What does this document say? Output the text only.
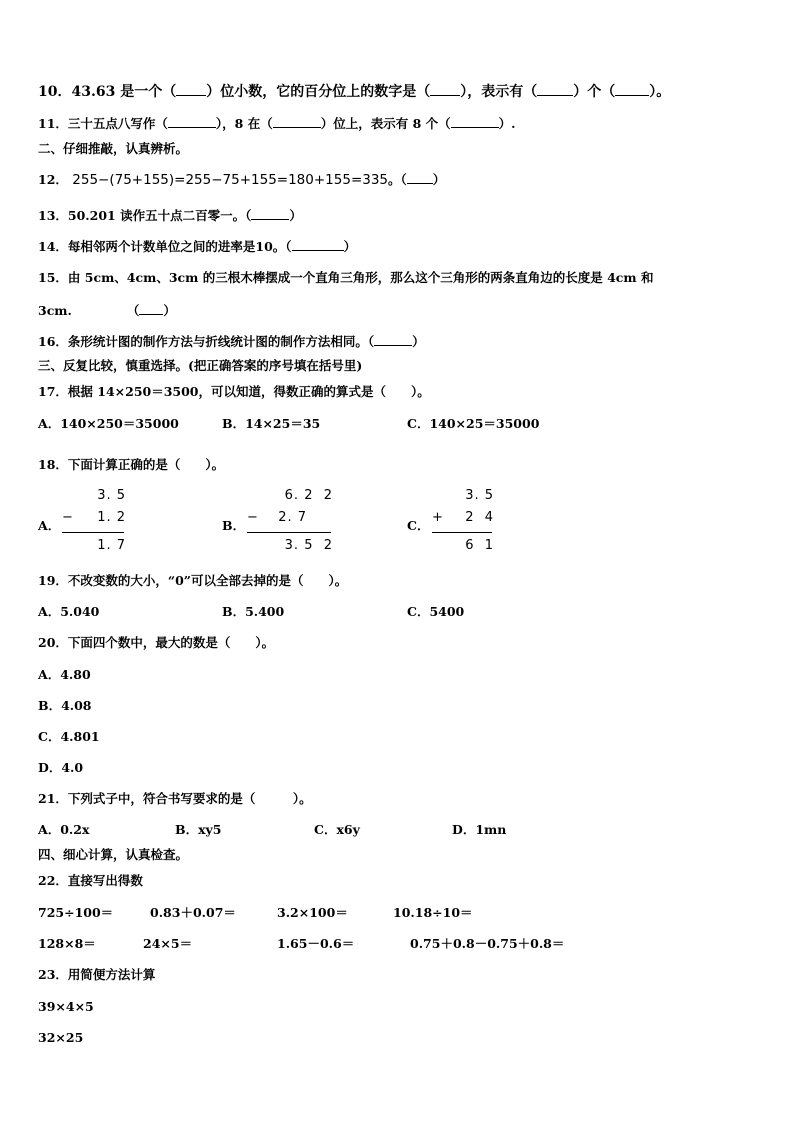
10．43.63 是一个（ ）位小数，它的百分位上的数字是（ ），表示有（	）个（ ）。
11．三十五点八写作（	），8 在（	）位上，表示有 8 个（	）.
二、仔细推敲，认真辨析。
12． 255−(75+155)=255−75+155=180+155=335。（ ）
13．50.201 读作五十点二百零一。（	）
14．每相邻两个计数单位之间的进率是10。（	）
15．由 5cm、4cm、3cm 的三根木棒摆成一个直角三角形，那么这个三角形的两条直角边的长度是 4cm 和
3cm.	（ ）
16．条形统计图的制作方法与折线统计图的制作方法相同。（	）
三、反复比较，慎重选择。(把正确答案的序号填在括号里)
17．根据 14×250＝3500，可以知道，得数正确的算式是（　　）。
A．140×250＝35000	B．14×25＝35	C．140×25＝35000
18．下面计算正确的是（　　）。
A．
3. 5
− 1. 2
1. 7
B．
6. 2  2
− 2. 7
3. 5  2
C．
3. 5
+ 2  4
6  1
19．不改变数的大小，“0”可以全部去掉的是（　　）。
A．5.040	B．5.400	C．5400
20．下面四个数中，最大的数是（　　）。
A．4.80
B．4.08
C．4.801
D．4.0
21．下列式子中，符合书写要求的是（　　　）。
A．0.2x	B．xy5	C．x6y	D．1mn
四、细心计算，认真检查。
22．直接写出得数
725÷100＝	0.83＋0.07＝	3.2×100＝	10.18÷10＝
128×8＝	24×5＝	1.65－0.6＝	0.75＋0.8－0.75＋0.8＝
23．用简便方法计算
39×4×5
32×25
